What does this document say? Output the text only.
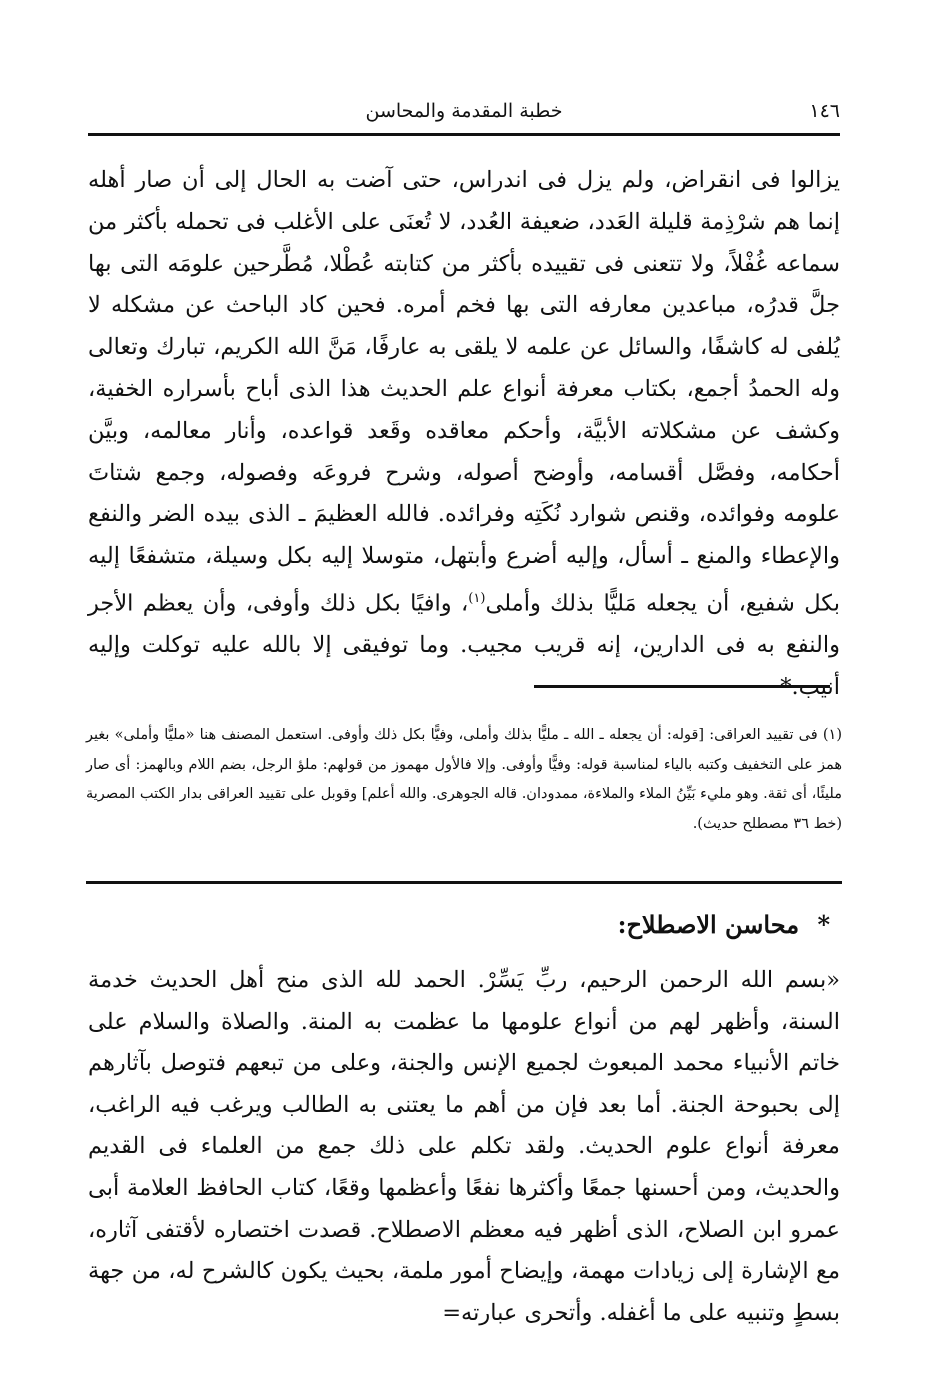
١٤٦
خطبة المقدمة والمحاسن

يزالوا فى انقراض، ولم يزل فى اندراس، حتى آضت به الحال إلى أن صار أهله إنما هم شرْذِمة قليلة العَدد، ضعيفة العُدد، لا تُعنَى على الأغلب فى تحمله بأكثر من سماعه غُفْلاً، ولا تتعنى فى تقييده بأكثر من كتابته عُطْلا، مُطَّرحين علومَه التى بها جلَّ قدرُه، مباعدين معارفه التى بها فخم أمره. فحين كاد الباحث عن مشكله لا يُلفى له كاشفًا، والسائل عن علمه لا يلقى به عارفًا، مَنَّ الله الكريم، تبارك وتعالى وله الحمدُ أجمع، بكتاب معرفة أنواع علم الحديث هذا الذى أباح بأسراره الخفية، وكشف عن مشكلاته الأبيَّة، وأحكم معاقده وقَعد قواعده، وأنار معالمه، وبيَّن أحكامه، وفصَّل أقسامه، وأوضح أصوله، وشرح فروعَه وفصوله، وجمع شتاتَ علومه وفوائده، وقنص شوارد نُكَتِه وفرائده. فالله العظيمَ ـ الذى بيده الضر والنفع والإعطاء والمنع ـ أسأل، وإليه أضرع وأبتهل، متوسلا إليه بكل وسيلة، متشفعًا إليه بكل شفيع، أن يجعله مَليًّا بذلك وأملى$^{(١)}$، وافيًا بكل ذلك وأوفى، وأن يعظم الأجر والنفع به فى الدارين، إنه قريب مجيب. وما توفيقى إلا بالله عليه توكلت وإليه أنيب.*

(١) فى تقييد العراقى: [قوله: أن يجعله ـ الله ـ مليًّا بذلك وأملى، وفيًّا بكل ذلك وأوفى. استعمل المصنف هنا «مليًّا وأملى» بغير همز على التخفيف وكتبه بالياء لمناسبة قوله: وفيًّا وأوفى. وإلا فالأول مهموز من قولهم: ملؤ الرجل، بضم اللام وبالهمز: أى صار مليئًا، أى ثقة. وهو مليء بَيِّنُ الملاء والملاءة، ممدودان. قاله الجوهرى. والله أعلم] وقوبل على تقييد العراقى بدار الكتب المصرية (خط ٣٦ مصطلح حديث).

* محاسن الاصطلاح:

«بسم الله الرحمن الرحيم، ربِّ يَسِّرْ. الحمد لله الذى منح أهل الحديث خدمة السنة، وأظهر لهم من أنواع علومها ما عظمت به المنة. والصلاة والسلام على خاتم الأنبياء محمد المبعوث لجميع الإنس والجنة، وعلى من تبعهم فتوصل بآثارهم إلى بحبوحة الجنة. أما بعد فإن من أهم ما يعتنى به الطالب ويرغب فيه الراغب، معرفة أنواع علوم الحديث. ولقد تكلم على ذلك جمع من العلماء فى القديم والحديث، ومن أحسنها جمعًا وأكثرها نفعًا وأعظمها وقعًا، كتاب الحافظ العلامة أبى عمرو ابن الصلاح، الذى أظهر فيه معظم الاصطلاح. قصدت اختصاره لأقتفى آثاره، مع الإشارة إلى زيادات مهمة، وإيضاح أمور ملمة، بحيث يكون كالشرح له، من جهة بسطٍ وتنبيه على ما أغفله. وأتحرى عبارته=
